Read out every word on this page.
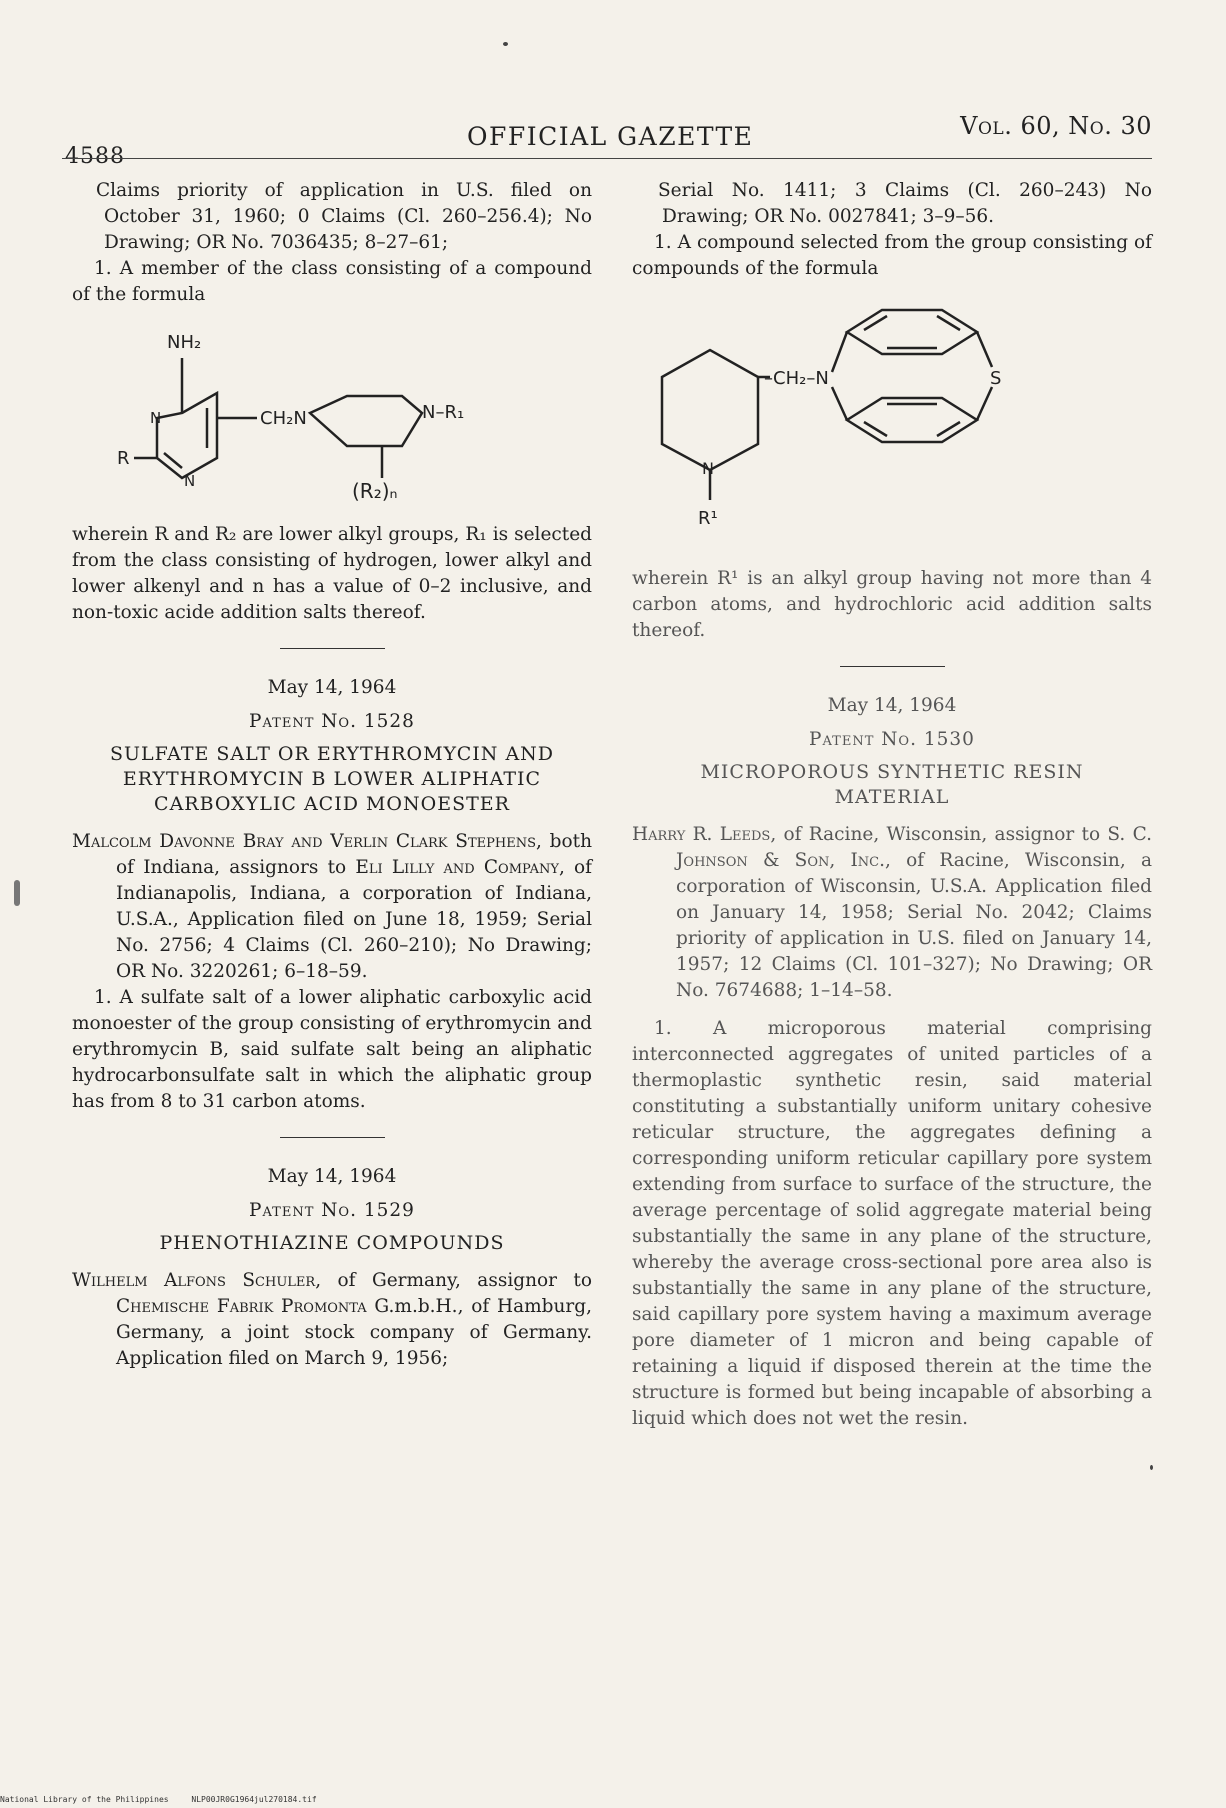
4588
OFFICIAL GAZETTE	Vol. 60, No. 30

Claims priority of application in U.S. filed on October 31, 1960; 0 Claims (Cl. 260–256.4); No Drawing; OR No. 7036435; 8–27–61;

1. A member of the class consisting of a compound of the formula

NH₂
CH₂N	N–R₁
R
N
N	(R₂)ₙ

wherein R and R₂ are lower alkyl groups, R₁ is selected from the class consisting of hydrogen, lower alkyl and lower alkenyl and n has a value of 0–2 inclusive, and non-toxic acide addition salts thereof.

May 14, 1964
Patent No. 1528
SULFATE SALT OR ERYTHROMYCIN AND ERYTHROMYCIN B LOWER ALIPHATIC CARBOXYLIC ACID MONOESTER

Malcolm Davonne Bray and Verlin Clark Stephens, both of Indiana, assignors to Eli Lilly and Company, of Indianapolis, Indiana, a corporation of Indiana, U.S.A., Application filed on June 18, 1959; Serial No. 2756; 4 Claims (Cl. 260–210); No Drawing; OR No. 3220261; 6–18–59.

1. A sulfate salt of a lower aliphatic carboxylic acid monoester of the group consisting of erythromycin and erythromycin B, said sulfate salt being an aliphatic hydrocarbonsulfate salt in which the aliphatic group has from 8 to 31 carbon atoms.

May 14, 1964
Patent No. 1529
PHENOTHIAZINE COMPOUNDS

Wilhelm Alfons Schuler, of Germany, assignor to Chemische Fabrik Promonta G.m.b.H., of Hamburg, Germany, a joint stock company of Germany. Application filed on March 9, 1956;

Serial No. 1411; 3 Claims (Cl. 260–243) No Drawing; OR No. 0027841; 3–9–56.

1. A compound selected from the group consisting of compounds of the formula

–CH₂–N	S
N
R¹

wherein R¹ is an alkyl group having not more than 4 carbon atoms, and hydrochloric acid addition salts thereof.

May 14, 1964
Patent No. 1530
MICROPOROUS SYNTHETIC RESIN MATERIAL

Harry R. Leeds, of Racine, Wisconsin, assignor to S. C. Johnson & Son, Inc., of Racine, Wisconsin, a corporation of Wisconsin, U.S.A. Application filed on January 14, 1958; Serial No. 2042; Claims priority of application in U.S. filed on January 14, 1957; 12 Claims (Cl. 101–327); No Drawing; OR No. 7674688; 1–14–58.

1. A microporous material comprising interconnected aggregates of united particles of a thermoplastic synthetic resin, said material constituting a substantially uniform unitary cohesive reticular structure, the aggregates defining a corresponding uniform reticular capillary pore system extending from surface to surface of the structure, the average percentage of solid aggregate material being substantially the same in any plane of the structure, whereby the average cross-sectional pore area also is substantially the same in any plane of the structure, said capillary pore system having a maximum average pore diameter of 1 micron and being capable of retaining a liquid if disposed therein at the time the structure is formed but being incapable of absorbing a liquid which does not wet the resin.

National Library of the Philippines	NLP00JR0G1964jul270184.tif
